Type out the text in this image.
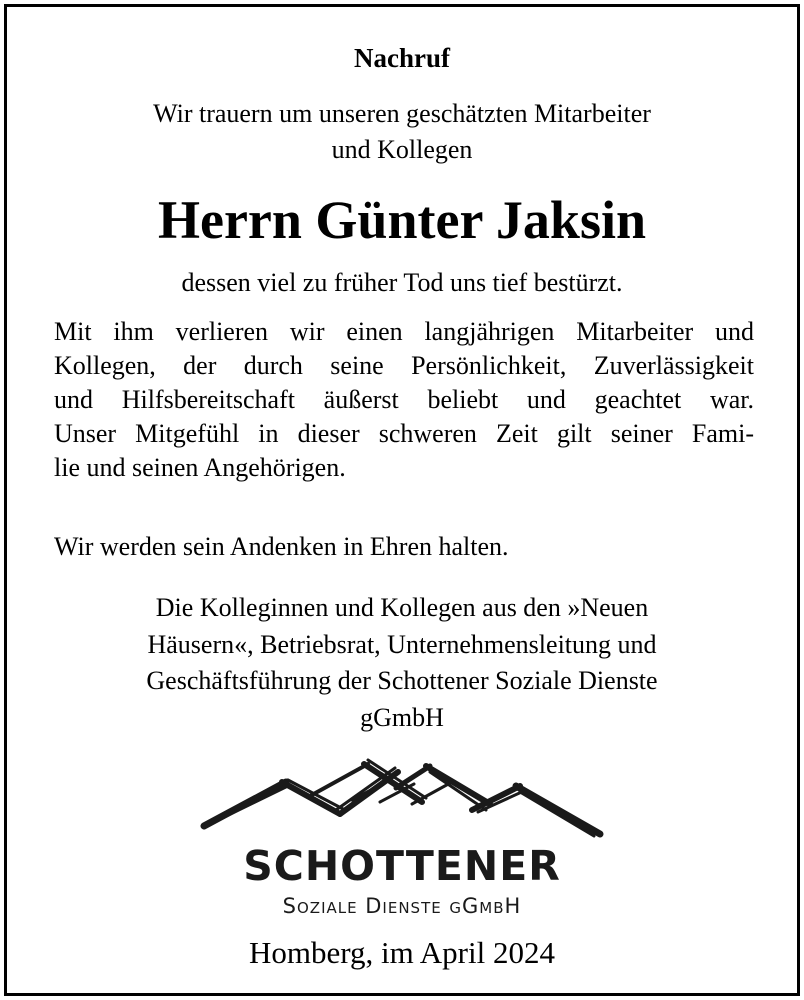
Nachruf

Wir trauern um unseren geschätzten Mitarbeiter
und Kollegen

Herrn Günter Jaksin

dessen viel zu früher Tod uns tief bestürzt.

Mit ihm verlieren wir einen langjährigen Mitarbeiter und
Kollegen, der durch seine Persönlichkeit, Zuverlässigkeit
und Hilfsbereitschaft äußerst beliebt und geachtet war.
Unser Mitgefühl in dieser schweren Zeit gilt seiner Fami-
lie und seinen Angehörigen.

Wir werden sein Andenken in Ehren halten.

Die Kolleginnen und Kollegen aus den »Neuen
Häusern«, Betriebsrat, Unternehmensleitung und
Geschäftsführung der Schottener Soziale Dienste
gGmbH

SCHOTTENER

Soziale Dienste gGmbH

Homberg, im April 2024
